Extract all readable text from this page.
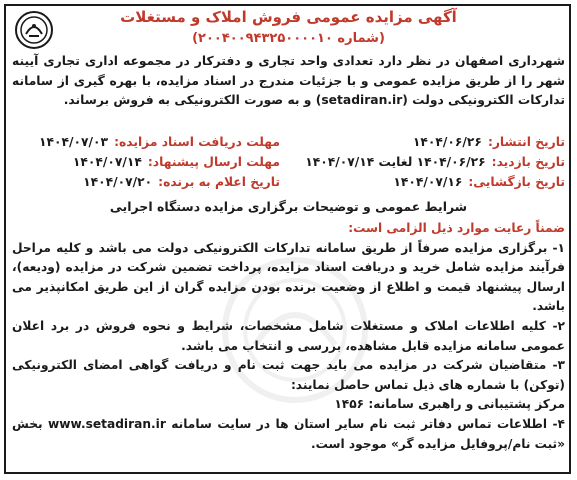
آگهی مزایده عمومی فروش املاک و مستغلات
(شماره ۲۰۰۴۰۰۹۴۳۲۵۰۰۰۰۱۰)

شهرداری اصفهان در نظر دارد تعدادی واحد تجاری و دفترکار در مجموعه اداری تجاری آیینه شهر را از طریق مزایده عمومی و با جزئیات مندرج در اسناد مزایده، با بهره گیری از سامانه تدارکات الکترونیکی دولت (setadiran.ir) و به صورت الکترونیکی به فروش برساند.

تاریخ انتشار:
۱۴۰۴/۰۶/۲۶
مهلت دریافت اسناد مزایده:
۱۴۰۴/۰۷/۰۳
تاریخ بازدید:
۱۴۰۴/۰۶/۲۶ لغایت ۱۴۰۴/۰۷/۱۴
مهلت ارسال پیشنهاد:
۱۴۰۴/۰۷/۱۴
تاریخ بازگشایی:
۱۴۰۴/۰۷/۱۶
تاریخ اعلام به برنده:
۱۴۰۴/۰۷/۲۰
شرایط عمومی و توضیحات برگزاری مزایده دستگاه اجرایی

ضمناً رعایت موارد ذیل الزامی است:

۱- برگزاری مزایده صرفاً از طریق سامانه تدارکات الکترونیکی دولت می باشد و کلیه مراحل فرآیند مزایده شامل خرید و دریافت اسناد مزایده، پرداخت تضمین شرکت در مزایده (ودیعه)، ارسال پیشنهاد قیمت و اطلاع از وضعیت برنده بودن مزایده گران از این طریق امکانپذیر می باشد.

۲- کلیه اطلاعات املاک و مستغلات شامل مشخصات، شرایط و نحوه فروش در برد اعلان عمومی سامانه مزایده قابل مشاهده، بررسی و انتخاب می باشد.

۳- متقاضیان شرکت در مزایده می باید جهت ثبت نام و دریافت گواهی امضای الکترونیکی (توکن) با شماره های ذیل تماس حاصل نمایند:

مرکز پشتیبانی و راهبری سامانه: ۱۴۵۶

۴- اطلاعات تماس دفاتر ثبت نام سایر استان ها در سایت سامانه www.setadiran.ir بخش «ثبت نام/پروفایل مزایده گر» موجود است.
